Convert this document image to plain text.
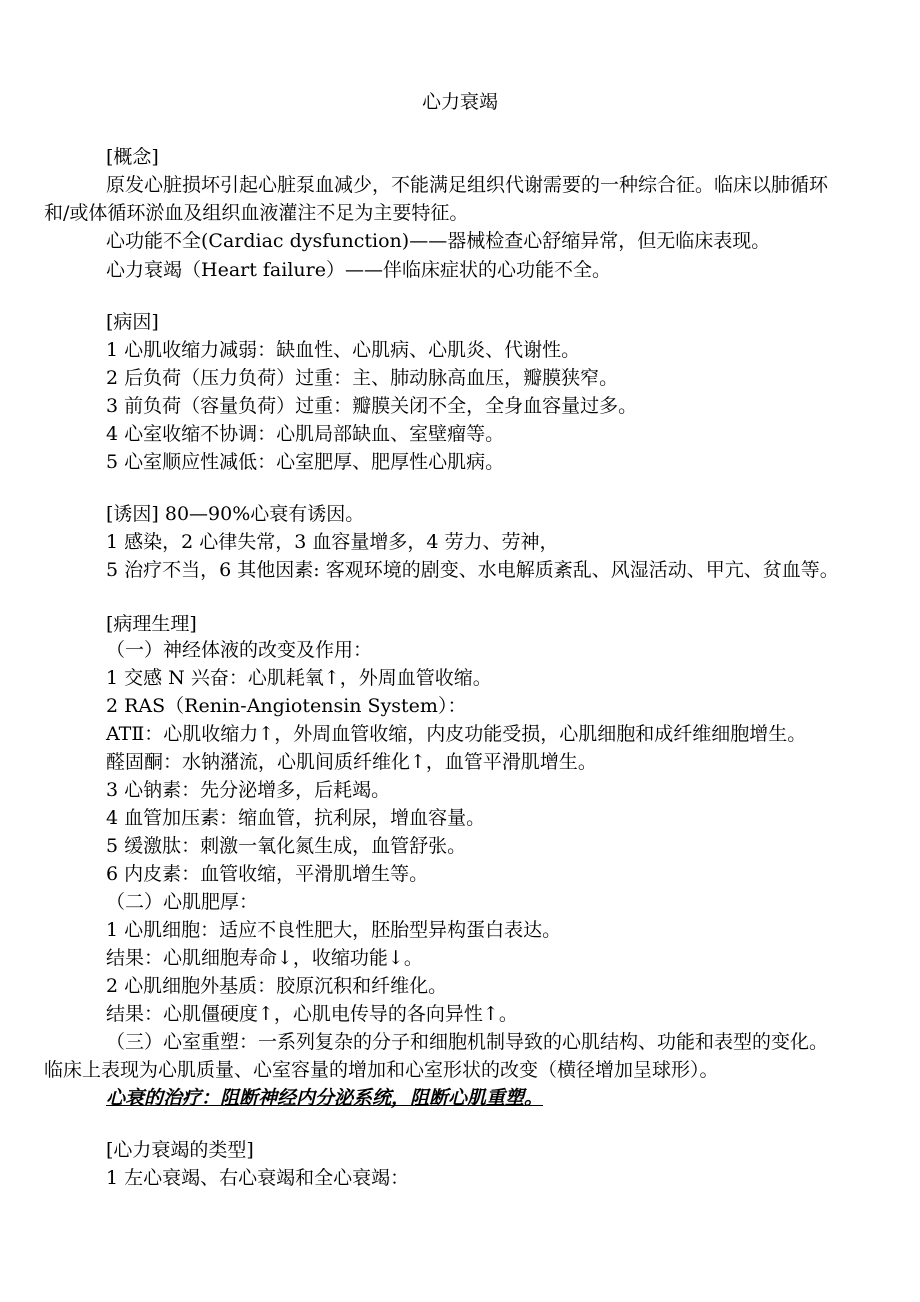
心力衰竭
[概念]
原发心脏损坏引起心脏泵血减少，不能满足组织代谢需要的一种综合征。临床以肺循环
和/或体循环淤血及组织血液灌注不足为主要特征。
心功能不全(Cardiac dysfunction)——器械检查心舒缩异常，但无临床表现。
心力衰竭（Heart failure）——伴临床症状的心功能不全。
[病因]
1 心肌收缩力减弱：缺血性、心肌病、心肌炎、代谢性。
2 后负荷（压力负荷）过重：主、肺动脉高血压，瓣膜狭窄。
3 前负荷（容量负荷）过重：瓣膜关闭不全，全身血容量过多。
4 心室收缩不协调：心肌局部缺血、室壁瘤等。
5 心室顺应性减低：心室肥厚、肥厚性心肌病。
[诱因] 80—90%心衰有诱因。
1 感染，2 心律失常，3 血容量增多，4 劳力、劳神，
5 治疗不当，6 其他因素: 客观环境的剧变、水电解质紊乱、风湿活动、甲亢、贫血等。
[病理生理]
（一）神经体液的改变及作用：
1 交感 N 兴奋：心肌耗氧↑，外周血管收缩。
2 RAS（Renin-Angiotensin System）：
ATⅡ：心肌收缩力↑，外周血管收缩，内皮功能受损，心肌细胞和成纤维细胞增生。
醛固酮：水钠潴流，心肌间质纤维化↑，血管平滑肌增生。
3 心钠素：先分泌增多，后耗竭。
4 血管加压素：缩血管，抗利尿，增血容量。
5 缓激肽：刺激一氧化氮生成，血管舒张。
6 内皮素：血管收缩，平滑肌增生等。
（二）心肌肥厚：
1 心肌细胞：适应不良性肥大，胚胎型异构蛋白表达。
结果：心肌细胞寿命↓，收缩功能↓。
2 心肌细胞外基质：胶原沉积和纤维化。
结果：心肌僵硬度↑，心肌电传导的各向异性↑。
（三）心室重塑：一系列复杂的分子和细胞机制导致的心肌结构、功能和表型的变化。
临床上表现为心肌质量、心室容量的增加和心室形状的改变（横径增加呈球形）。
心衰的治疗：阻断神经内分泌系统，阻断心肌重塑。
[心力衰竭的类型]
1 左心衰竭、右心衰竭和全心衰竭：
